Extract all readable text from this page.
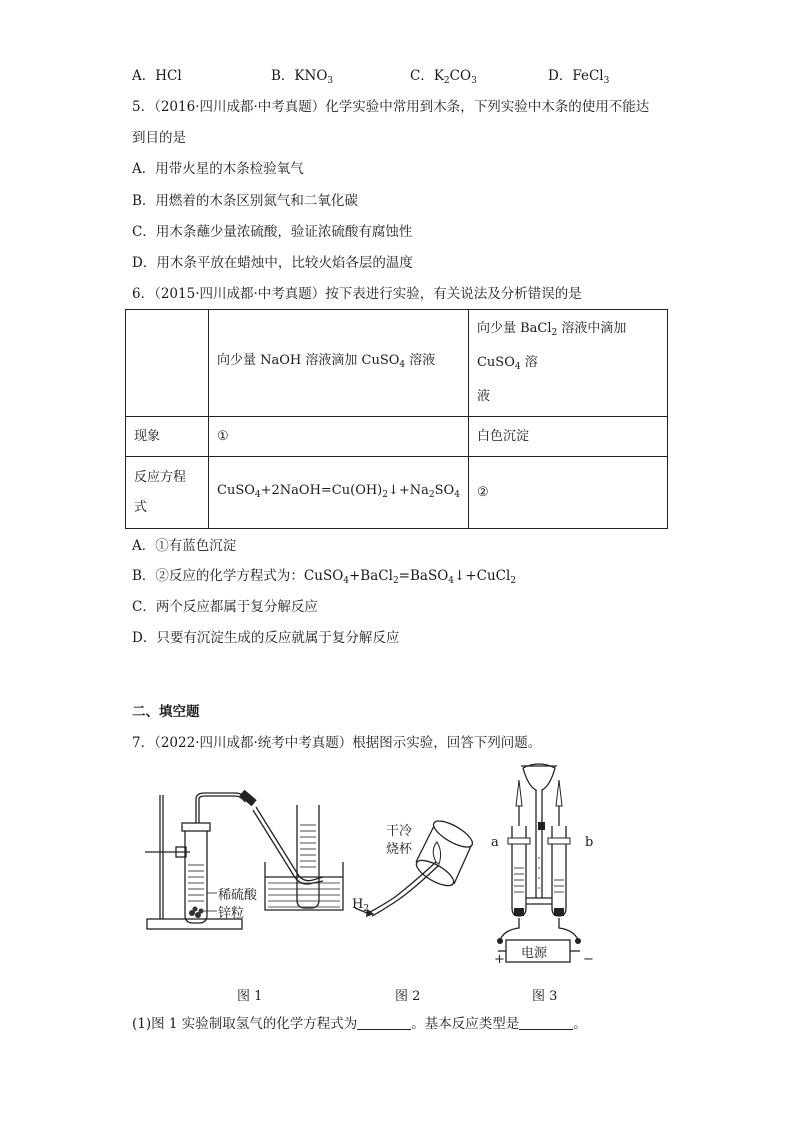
A．HCl	B．$KNO_3$	C．$K_2CO_3$	D．FeCl$_3$
5．（2016·四川成都·中考真题）化学实验中常用到木条，下列实验中木条的使用不能达
到目的是
A．用带火星的木条检验氧气
B．用燃着的木条区别氮气和二氧化碳
C．用木条蘸少量浓硫酸，验证浓硫酸有腐蚀性
D．用木条平放在蜡烛中，比较火焰各层的温度
6．（2015·四川成都·中考真题）按下表进行实验，有关说法及分析错误的是
	向少量 NaOH 溶液滴加 CuSO$_4$ 溶液	向少量 BaCl$_2$ 溶液中滴加 CuSO$_4$ 溶
液
现象	①	白色沉淀
反应方程
式	$CuSO_4+2NaOH=Cu(OH)_2↓+Na_2SO_4$	②
A．①有蓝色沉淀
B．②反应的化学方程式为：CuSO$_4$+BaCl$_2$=BaSO$_4$↓+CuCl$_2$
C．两个反应都属于复分解反应
D．只要有沉淀生成的反应就属于复分解反应
二、填空题
7．（2022·四川成都·统考中考真题）根据图示实验，回答下列问题。
稀硫酸
锌粒
干冷
烧杯
$H_2$
a	b
电源
+	−
图 1	图 2	图 3
(1)图 1 实验制取氢气的化学方程式为	。基本反应类型是	。
